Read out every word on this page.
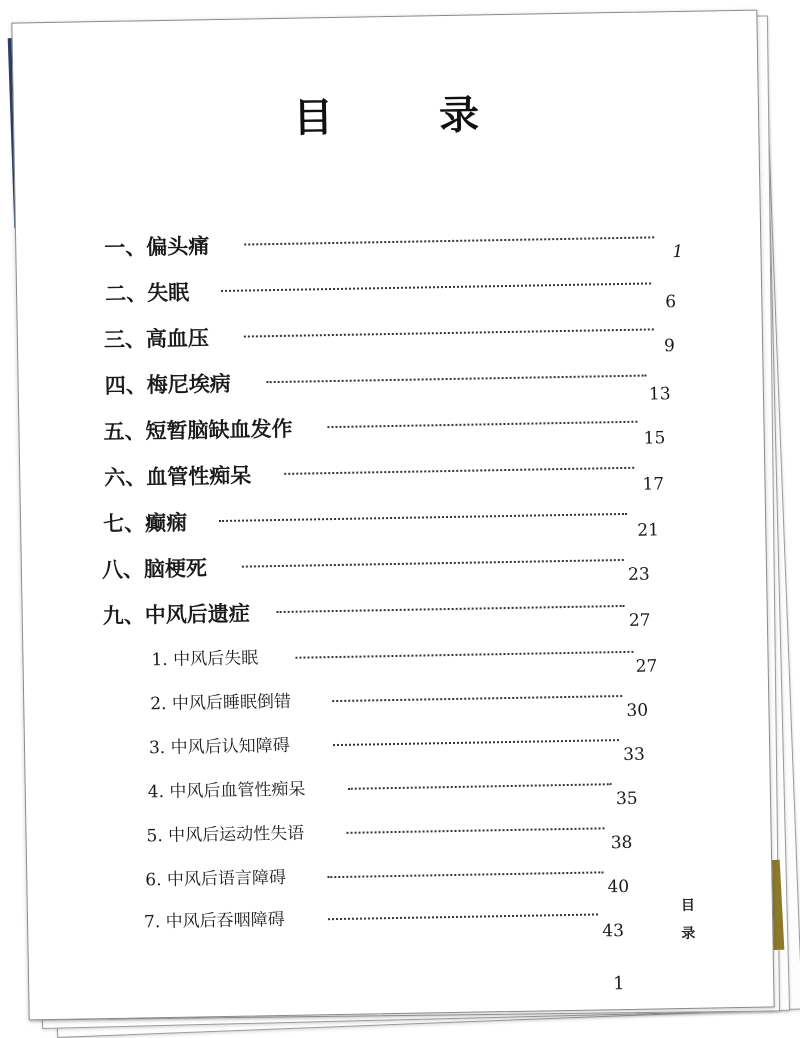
目 录
一、偏头痛	1
二、失眠	6
三、高血压	9
四、梅尼埃病	13
五、短暂脑缺血发作	15
六、血管性痴呆	17
七、癫痫	21
八、脑梗死	23
九、中风后遗症	27
1. 中风后失眠	27
2. 中风后睡眠倒错	30
3. 中风后认知障碍	33
4. 中风后血管性痴呆	35
5. 中风后运动性失语	38
6. 中风后语言障碍	40
7. 中风后吞咽障碍	43
目
录
1
